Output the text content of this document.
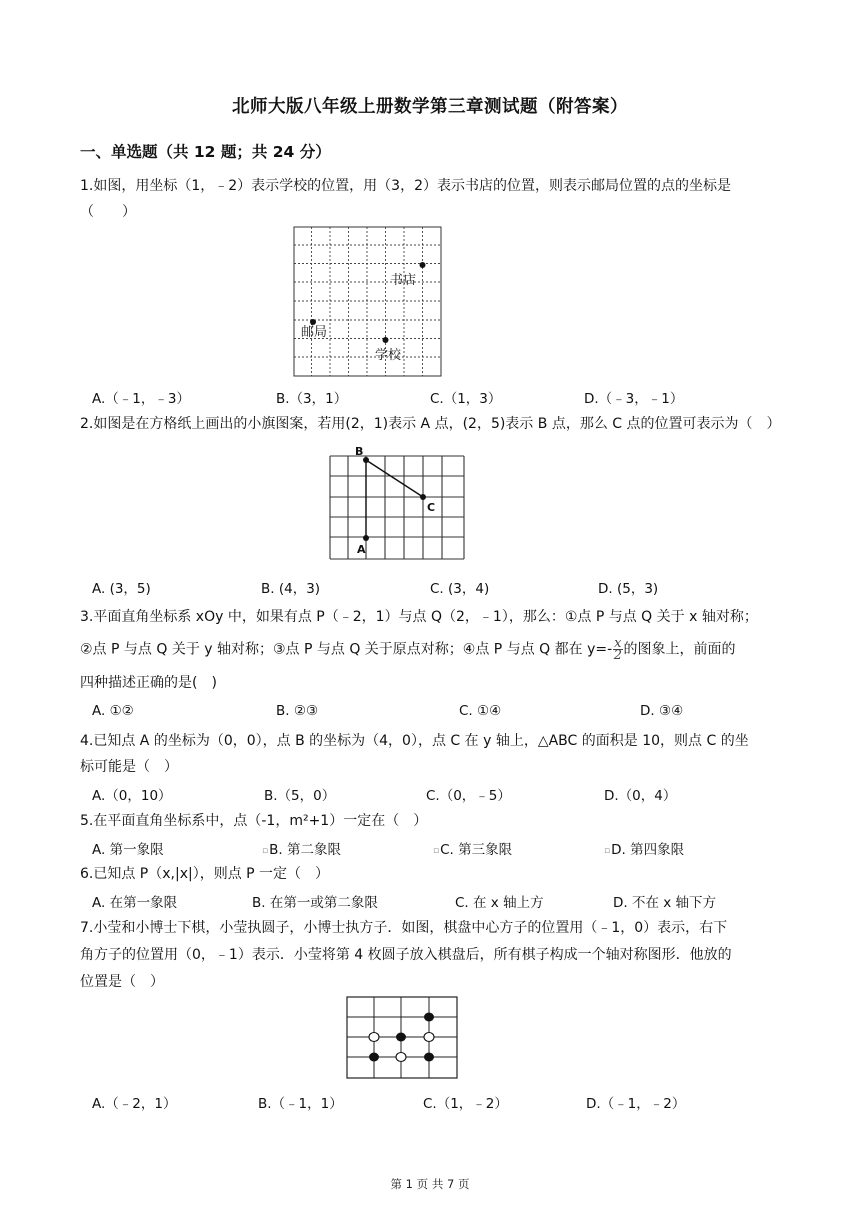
北师大版八年级上册数学第三章测试题（附答案）
一、单选题（共 12 题；共 24 分）
1.如图，用坐标（1，﹣2）表示学校的位置，用（3，2）表示书店的位置，则表示邮局位置的点的坐标是
（　　）
书店
邮局
学校
A.（﹣1，﹣3）	B.（3，1）	C.（1，3）	D.（﹣3，﹣1）
2.如图是在方格纸上画出的小旗图案，若用(2，1)表示 A 点，(2，5)表示 B 点，那么 C 点的位置可表示为（　）
B
C
A
A. (3，5)	B. (4，3)	C. (3，4)	D. (5，3)
3.平面直角坐标系 xOy 中，如果有点 P（﹣2，1）与点 Q（2，﹣1），那么：①点 P 与点 Q 关于 x 轴对称；
②点 P 与点 Q 关于 y 轴对称；③点 P 与点 Q 关于原点对称；④点 P 与点 Q 都在 $y=- \frac{x}{2}$ 的图象上，前面的
四种描述正确的是(　)
A. ①②	B. ②③	C. ①④	D. ③④
4.已知点 A 的坐标为（0，0），点 B 的坐标为（4，0），点 C 在 y 轴上，△ABC 的面积是 10，则点 C 的坐
标可能是（　）
A.（0，10）	B.（5，0）	C.（0，﹣5）	D.（0，4）
5.在平面直角坐标系中，点（-1，m²+1）一定在（　）
A. 第一象限	▫B. 第二象限	▫C. 第三象限	▫D. 第四象限
6.已知点 P（x,|x|），则点 P 一定（　）
A. 在第一象限	B. 在第一或第二象限	C. 在 x 轴上方	D. 不在 x 轴下方
7.小莹和小博士下棋，小莹执圆子，小博士执方子．如图，棋盘中心方子的位置用（﹣1，0）表示，右下
角方子的位置用（0，﹣1）表示．小莹将第 4 枚圆子放入棋盘后，所有棋子构成一个轴对称图形．他放的
位置是（　）
A.（﹣2，1）	B.（﹣1，1）	C.（1，﹣2）	D.（﹣1，﹣2）
第 1 页 共 7 页
